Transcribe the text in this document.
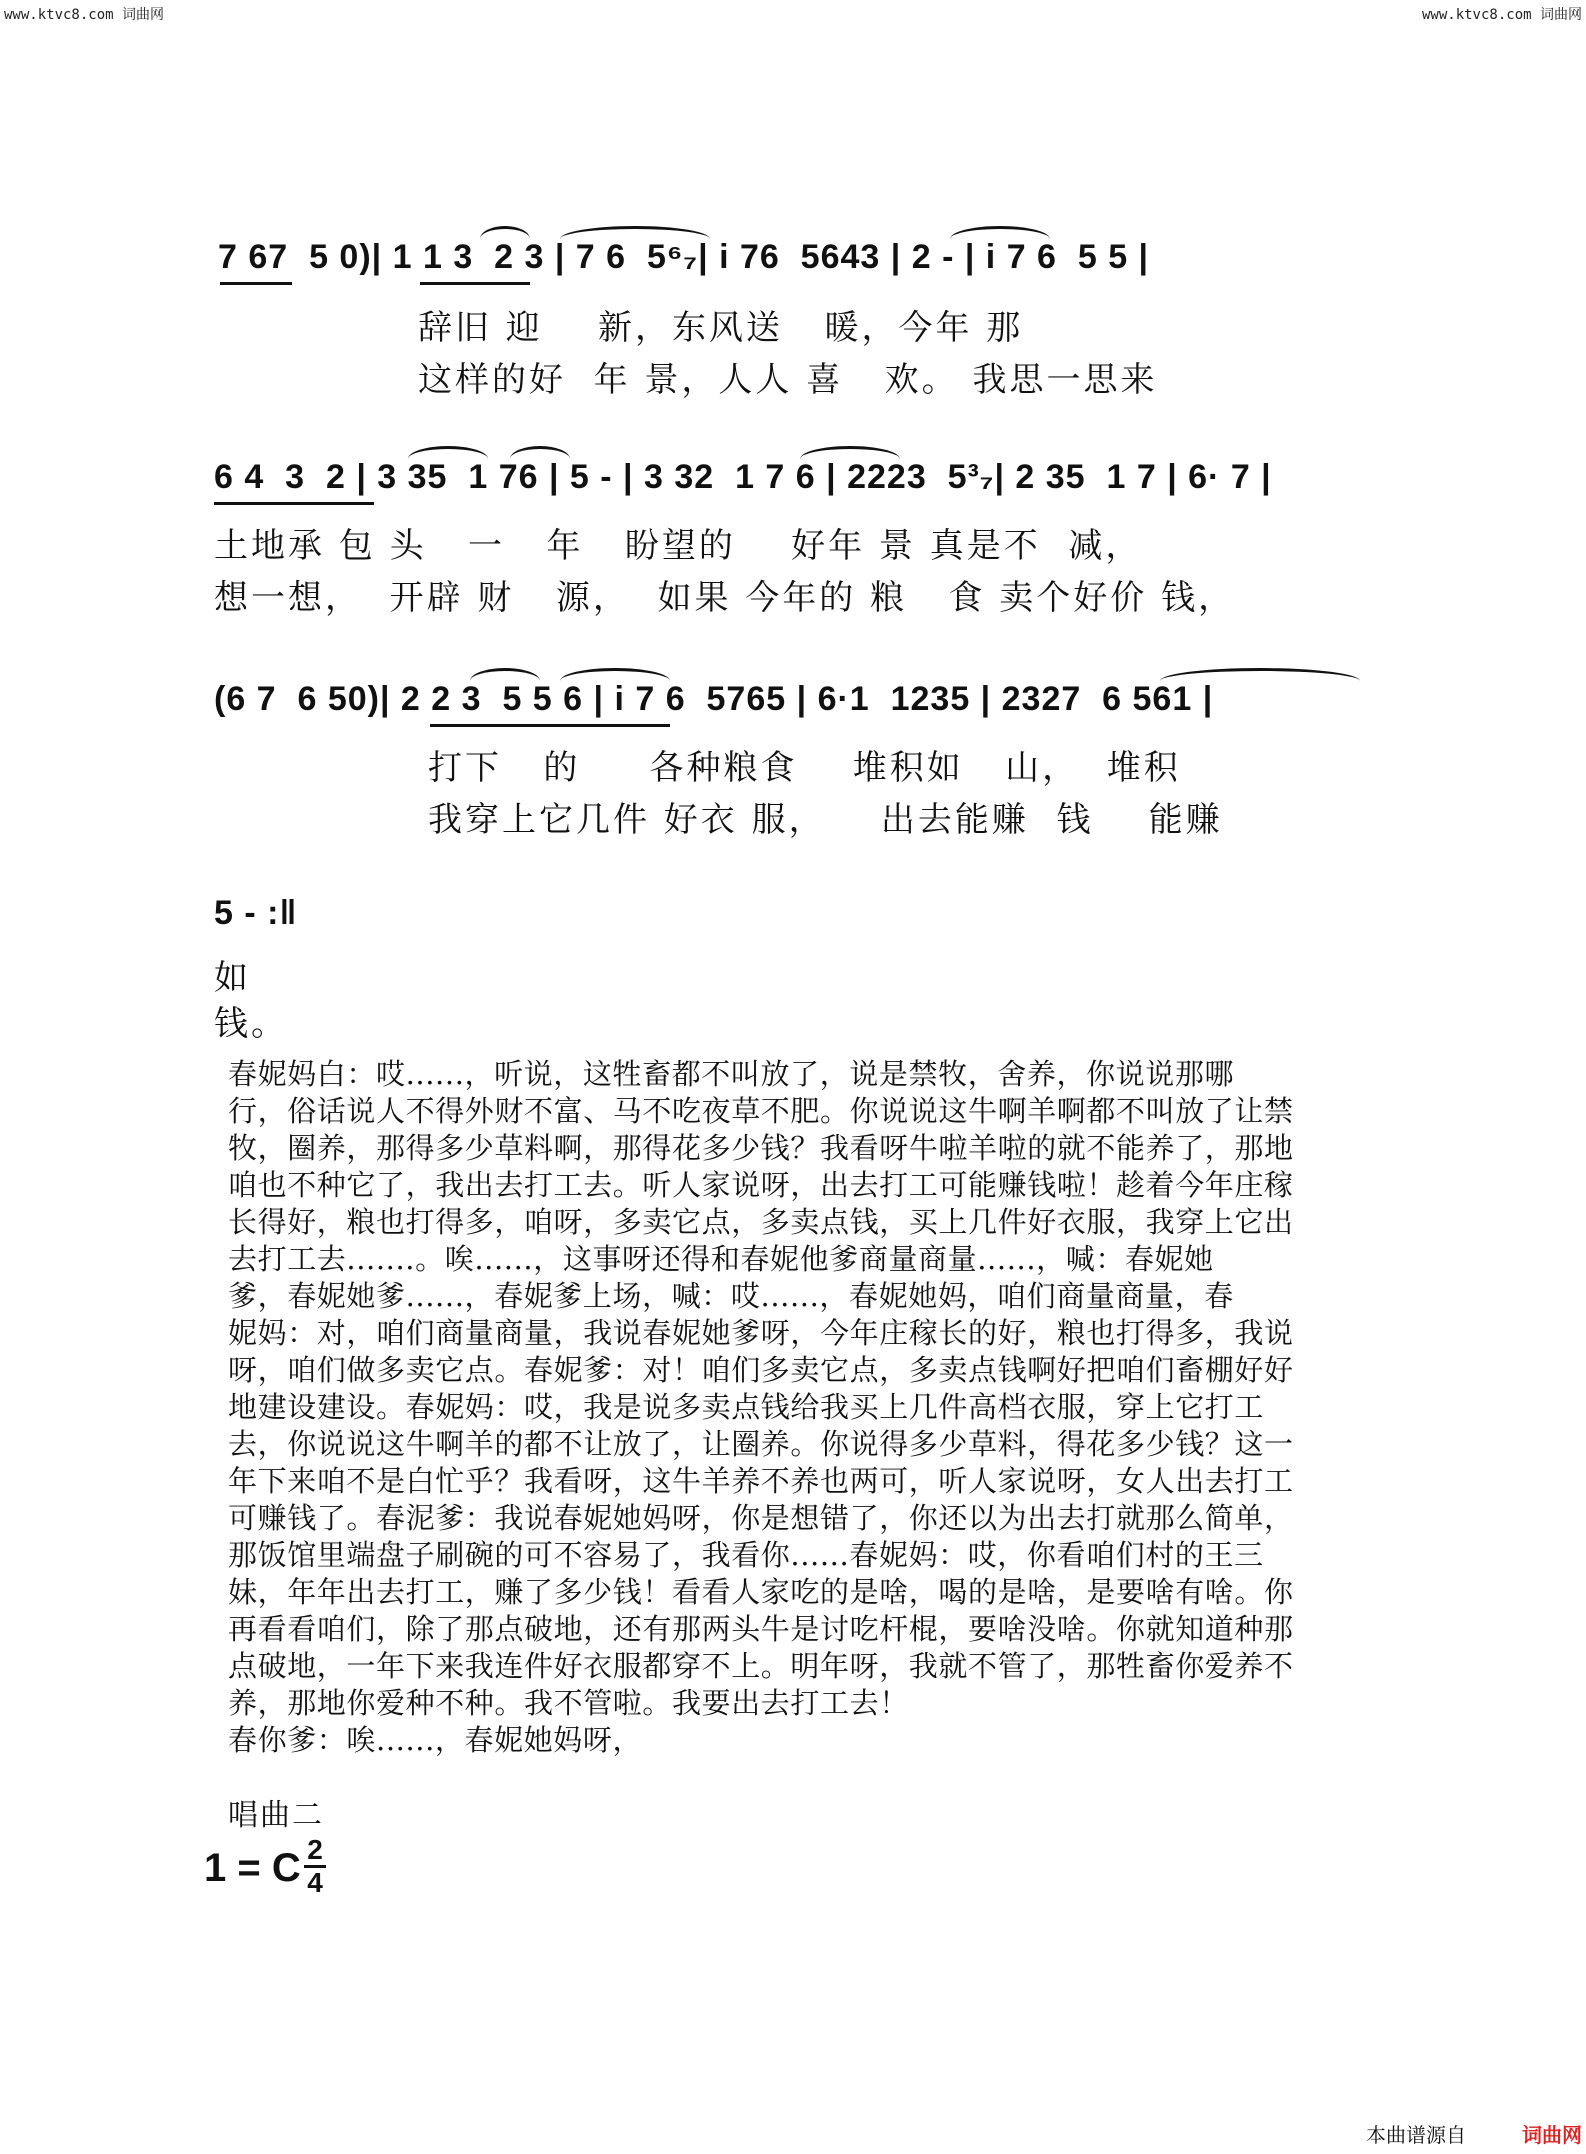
www.ktvc8.com 词曲网	www.ktvc8.com 词曲网
7 67  5 0)| 1 1 3  2 3 | 7 6  5⁶₇| i 76  5643 | 2 - | i 7 6  5 5 |
辞旧 迎    新，东风送   暖，今年 那
这样的好  年 景，人人 喜   欢。 我思一思来
6 4  3  2 | 3 35  1 76 | 5 - | 3 32  1 7 6 | 2223  5³₇| 2 35  1 7 | 6· 7 |
土地承 包 头   一   年   盼望的    好年 景 真是不  减，
想一想，  开辟 财   源，  如果 今年的 粮   食 卖个好价 钱，
(6 7  6 50)| 2 2 3  5 5 6 | i 7 6  5765 | 6·1  1235 | 2327  6 561 |
打下   的     各种粮食    堆积如   山，  堆积
我穿上它几件 好衣 服，    出去能赚  钱    能赚
5 - :‖
如
钱。

春妮妈白：哎......，听说，这牲畜都不叫放了，说是禁牧，舍养，你说说那哪

行，俗话说人不得外财不富、马不吃夜草不肥。你说说这牛啊羊啊都不叫放了让禁

牧，圈养，那得多少草料啊，那得花多少钱？我看呀牛啦羊啦的就不能养了，那地

咱也不种它了，我出去打工去。听人家说呀，出去打工可能赚钱啦！趁着今年庄稼

长得好，粮也打得多，咱呀，多卖它点，多卖点钱，买上几件好衣服，我穿上它出

去打工去.......。唉......，这事呀还得和春妮他爹商量商量......，喊：春妮她

爹，春妮她爹......，春妮爹上场，喊：哎......，春妮她妈，咱们商量商量，春

妮妈：对，咱们商量商量，我说春妮她爹呀，今年庄稼长的好，粮也打得多，我说

呀，咱们做多卖它点。春妮爹：对！咱们多卖它点，多卖点钱啊好把咱们畜棚好好

地建设建设。春妮妈：哎，我是说多卖点钱给我买上几件高档衣服，穿上它打工

去，你说说这牛啊羊的都不让放了，让圈养。你说得多少草料，得花多少钱？这一

年下来咱不是白忙乎？我看呀，这牛羊养不养也两可，听人家说呀，女人出去打工

可赚钱了。春泥爹：我说春妮她妈呀，你是想错了，你还以为出去打就那么简单，

那饭馆里端盘子刷碗的可不容易了，我看你......春妮妈：哎，你看咱们村的王三

妹，年年出去打工，赚了多少钱！看看人家吃的是啥，喝的是啥，是要啥有啥。你

再看看咱们，除了那点破地，还有那两头牛是讨吃杆棍，要啥没啥。你就知道种那

点破地，一年下来我连件好衣服都穿不上。明年呀，我就不管了，那牲畜你爱养不

养，那地你爱种不种。我不管啦。我要出去打工去！

春你爹：唉......，春妮她妈呀，

唱曲二
1 = C 2
4
本曲谱源自	词曲网
